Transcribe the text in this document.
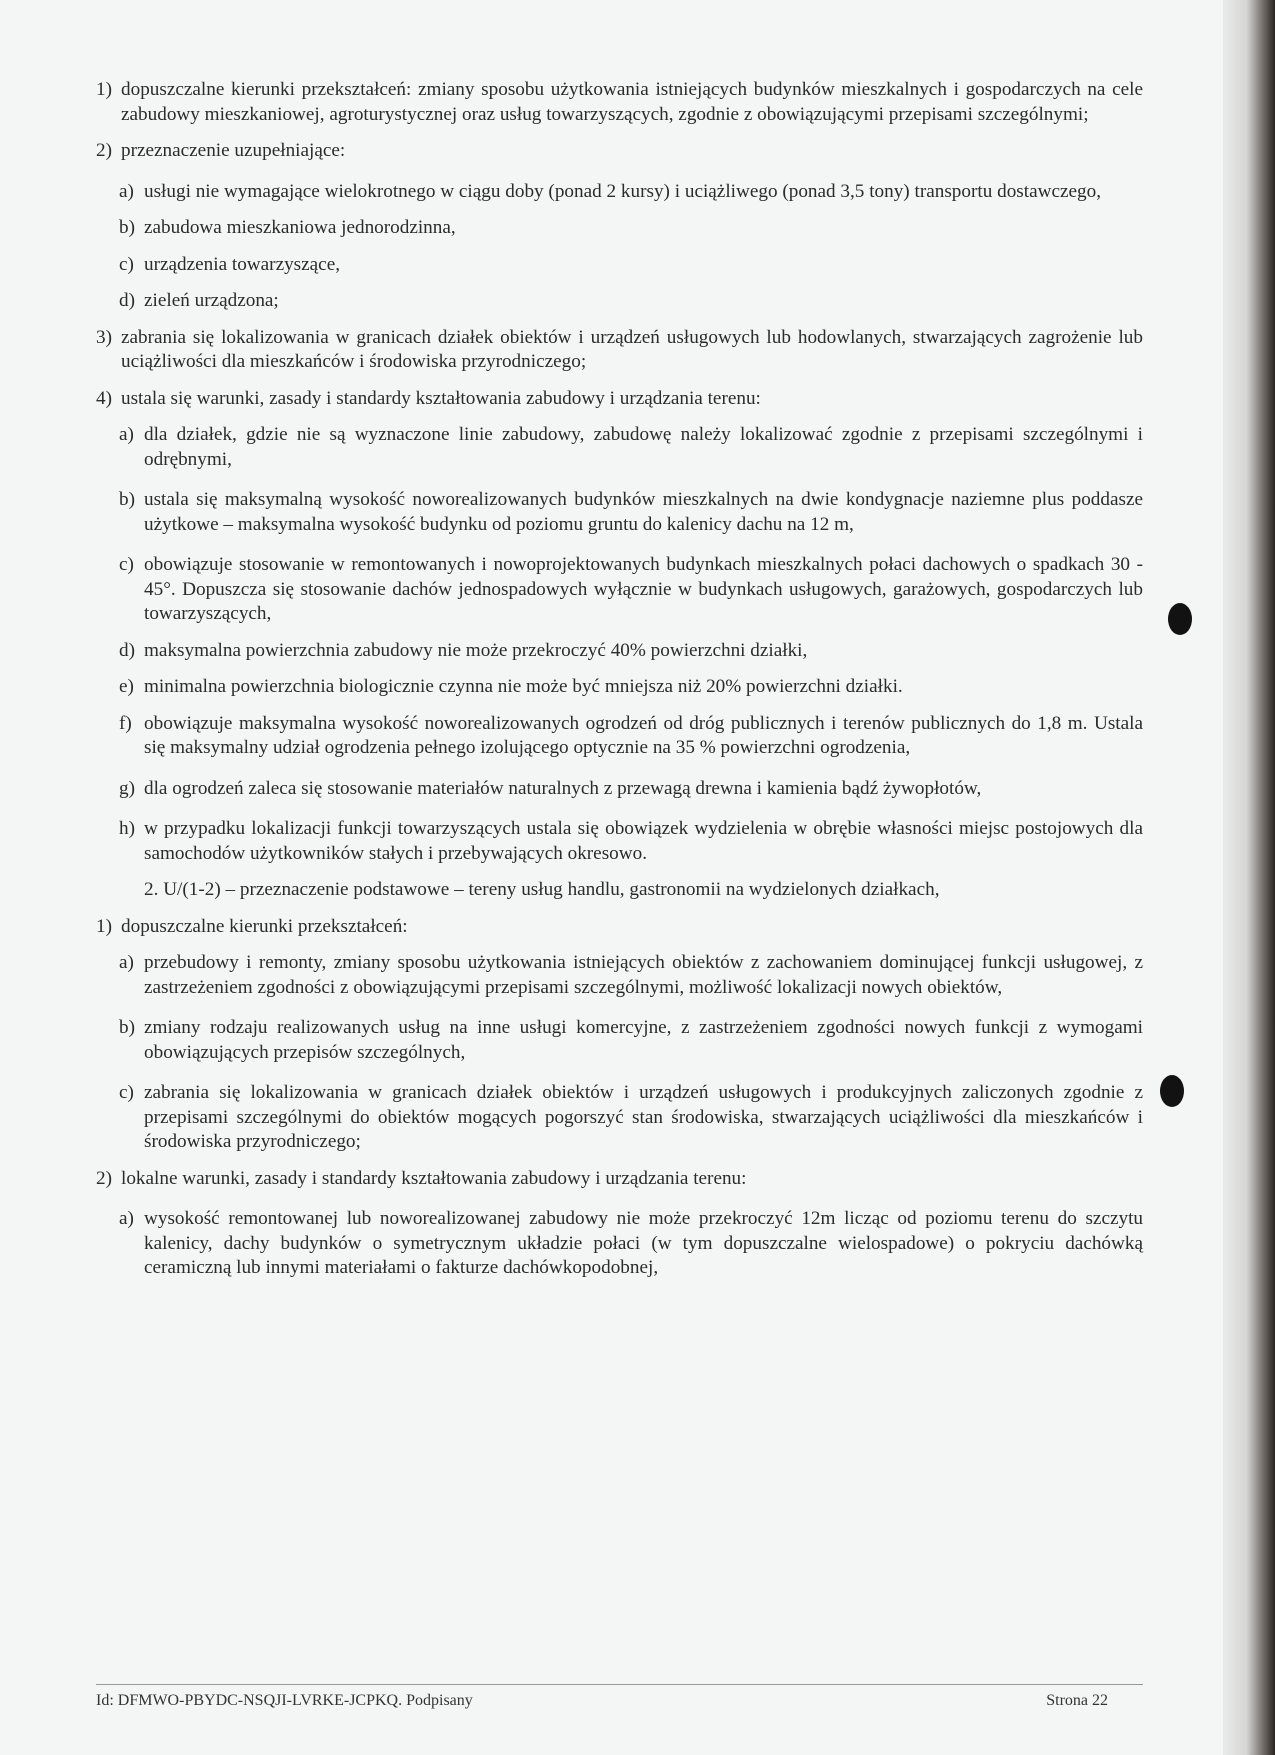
1) dopuszczalne kierunki przekształceń: zmiany sposobu użytkowania istniejących budynków mieszkalnych i gospodarczych na cele zabudowy mieszkaniowej, agroturystycznej oraz usług towarzyszących, zgodnie z obowiązującymi przepisami szczególnymi;

2) przeznaczenie uzupełniające:

a) usługi nie wymagające wielokrotnego w ciągu doby (ponad 2 kursy) i uciążliwego (ponad 3,5 tony) transportu dostawczego,

b) zabudowa mieszkaniowa jednorodzinna,

c) urządzenia towarzyszące,

d) zieleń urządzona;

3) zabrania się lokalizowania w granicach działek obiektów i urządzeń usługowych lub hodowlanych, stwarzających zagrożenie lub uciążliwości dla mieszkańców i środowiska przyrodniczego;

4) ustala się warunki, zasady i standardy kształtowania zabudowy i urządzania terenu:

a) dla działek, gdzie nie są wyznaczone linie zabudowy, zabudowę należy lokalizować zgodnie z przepisami szczególnymi i odrębnymi,

b) ustala się maksymalną wysokość noworealizowanych budynków mieszkalnych na dwie kondygnacje naziemne plus poddasze użytkowe – maksymalna wysokość budynku od poziomu gruntu do kalenicy dachu na 12 m,

c) obowiązuje stosowanie w remontowanych i nowoprojektowanych budynkach mieszkalnych połaci dachowych o spadkach 30 - 45°. Dopuszcza się stosowanie dachów jednospadowych wyłącznie w budynkach usługowych, garażowych, gospodarczych lub towarzyszących,

d) maksymalna powierzchnia zabudowy nie może przekroczyć 40% powierzchni działki,

e) minimalna powierzchnia biologicznie czynna nie może być mniejsza niż 20% powierzchni działki.

f) obowiązuje maksymalna wysokość noworealizowanych ogrodzeń od dróg publicznych i terenów publicznych do 1,8 m. Ustala się maksymalny udział ogrodzenia pełnego izolującego optycznie na 35 % powierzchni ogrodzenia,

g) dla ogrodzeń zaleca się stosowanie materiałów naturalnych z przewagą drewna i kamienia bądź żywopłotów,

h) w przypadku lokalizacji funkcji towarzyszących ustala się obowiązek wydzielenia w obrębie własności miejsc postojowych dla samochodów użytkowników stałych i przebywających okresowo.

2. U/(1-2) – przeznaczenie podstawowe – tereny usług handlu, gastronomii na wydzielonych działkach,

1) dopuszczalne kierunki przekształceń:

a) przebudowy i remonty, zmiany sposobu użytkowania istniejących obiektów z zachowaniem dominującej funkcji usługowej, z zastrzeżeniem zgodności z obowiązującymi przepisami szczególnymi, możliwość lokalizacji nowych obiektów,

b) zmiany rodzaju realizowanych usług na inne usługi komercyjne, z zastrzeżeniem zgodności nowych funkcji z wymogami obowiązujących przepisów szczególnych,

c) zabrania się lokalizowania w granicach działek obiektów i urządzeń usługowych i produkcyjnych zaliczonych zgodnie z przepisami szczególnymi do obiektów mogących pogorszyć stan środowiska, stwarzających uciążliwości dla mieszkańców i środowiska przyrodniczego;

2) lokalne warunki, zasady i standardy kształtowania zabudowy i urządzania terenu:

a) wysokość remontowanej lub noworealizowanej zabudowy nie może przekroczyć 12m licząc od poziomu terenu do szczytu kalenicy, dachy budynków o symetrycznym układzie połaci (w tym dopuszczalne wielospadowe) o pokryciu dachówką ceramiczną lub innymi materiałami o fakturze dachówkopodobnej,

Id: DFMWO-PBYDC-NSQJI-LVRKE-JCPKQ. Podpisany	Strona 22
